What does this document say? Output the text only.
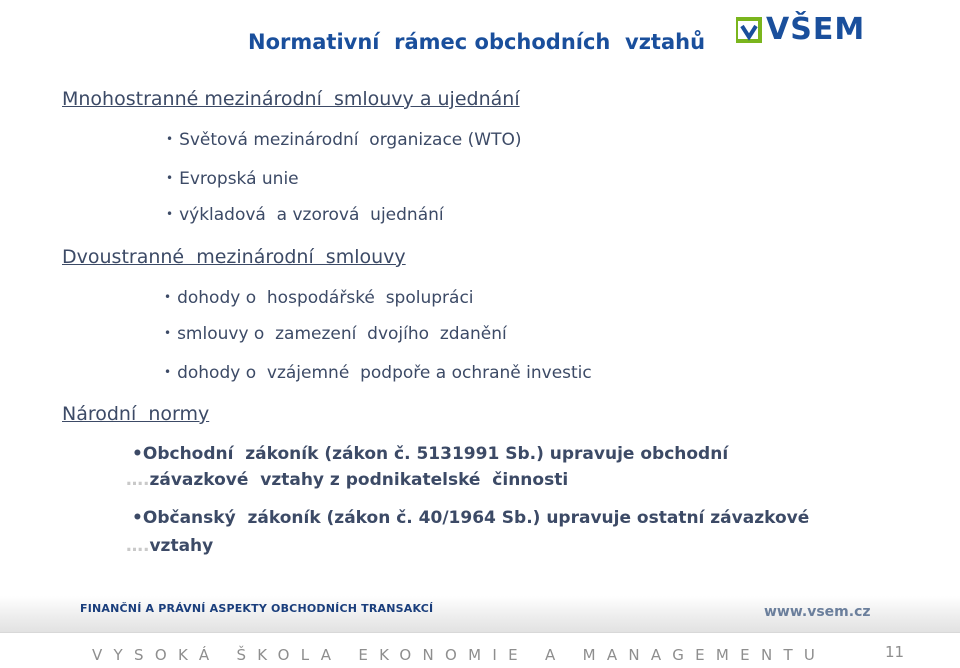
Normativní  rámec obchodních  vztahů VŠEM
Mnohostranné mezinárodní  smlouvy a ujednání
• Světová mezinárodní  organizace (WTO)
• Evropská unie
• výkladová  a vzorová  ujednání
Dvoustranné  mezinárodní  smlouvy
• dohody o  hospodářské  spolupráci
• smlouvy o  zamezení  dvojího  zdanění
• dohody o  vzájemné  podpoře a ochraně investic
Národní  normy
•Obchodní  zákoník (zákon č. 5131991 Sb.) upravuje obchodní
….závazkové  vztahy z podnikatelské  činnosti
•Občanský  zákoník (zákon č. 40/1964 Sb.) upravuje ostatní závazkové
….vztahy
FINANČNÍ A PRÁVNÍ ASPEKTY OBCHODNÍCH TRANSAKCÍ	www.vsem.cz
VYSOKÁ ŠKOLA EKONOMIE A MANAGEMENTU	11
